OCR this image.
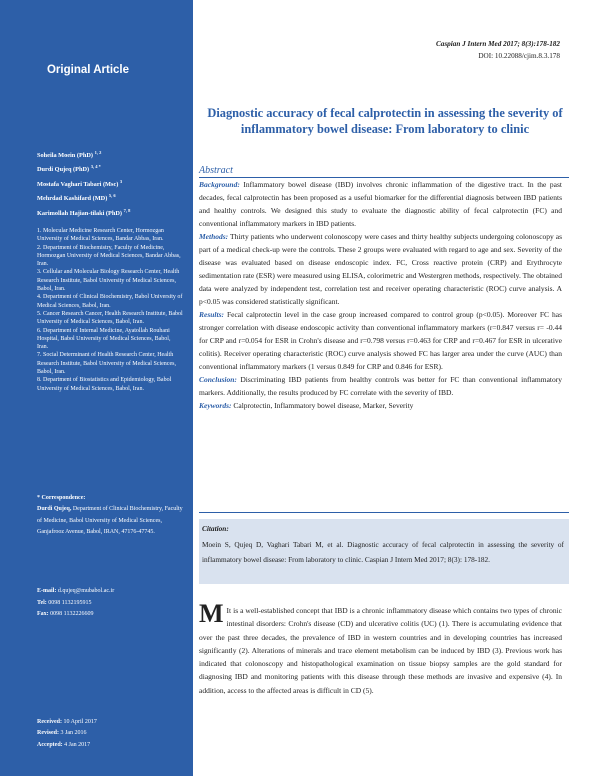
Original Article
Soheila Moein (PhD) $^{1, 2}$
Durdi Qujeq (PhD) $^{3, 4 *}$
Mostafa Vaghari Tabari (Msc) $^3$
Mehrdad Kashifard (MD) $^{5, 6}$
Karimollah Hajian-tilaki (PhD) $^{7, 8}$
1. Molecular Medicine Research Center, Hormozgan University of Medical Sciences, Bandar Abbas, Iran.
2. Department of Biochemistry, Faculty of Medicine, Hormozgan University of Medical Sciences, Bandar Abbas, Iran.
3. Cellular and Molecular Biology Research Center, Health Research Institute, Babol University of Medical Sciences, Babol, Iran.
4. Department of Clinical Biochemistry, Babol University of Medical Sciences, Babol, Iran.
5. Cancer Research Cancer, Health Research Institute, Babol University of Medical Sciences, Babol, Iran.
6. Department of Internal Medicine, Ayatollah Rouhani Hospital, Babol University of Medical Sciences, Babol, Iran.
7. Social Determinant of Health Research Center, Health Research Institute, Babol University of Medical Sciences, Babol, Iran.
8. Department of Biostatistics and Epidemiology, Babol University of Medical Sciences, Babol, Iran.
* Correspondence:
Durdi Qujeq, Department of Clinical Biochemistry, Faculty of Medicine, Babol University of Medical Sciences, Ganjafrooz Avenue, Babol, IRAN, 47176-47745.
E-mail: d.qujeq@mubabol.ac.ir
Tel: 0098 1132195915
Fax: 0098 1132226609
Received: 10 April 2017
Revised: 3 Jan 2016
Accepted: 4 Jan 2017
Caspian J Intern Med 2017; 8(3):178-182
DOI: 10.22088/cjim.8.3.178
Diagnostic accuracy of fecal calprotectin in assessing the severity of inflammatory bowel disease: From laboratory to clinic
Abstract

Background: Inflammatory bowel disease (IBD) involves chronic inflammation of the digestive tract. In the past decades, fecal calprotectin has been proposed as a useful biomarker for the differential diagnosis between IBD patients and healthy controls. We designed this study to evaluate the diagnostic ability of fecal calprotectin (FC) and conventional inflammatory markers in IBD patients.

Methods: Thirty patients who underwent colonoscopy were cases and thirty healthy subjects undergoing colonoscopy as part of a medical check-up were the controls. These 2 groups were evaluated with regard to age and sex. Severity of the disease was evaluated based on disease endoscopic index. FC, Cross reactive protein (CRP) and Erythrocyte sedimentation rate (ESR) were measured using ELISA, colorimetric and Westergren methods, respectively. The obtained data were analyzed by independent test, correlation test and receiver operating characteristic (ROC) curve analysis. A p<0.05 was considered statistically significant.

Results: Fecal calprotectin level in the case group increased compared to control group (p<0.05). Moreover FC has stronger correlation with disease endoscopic activity than conventional inflammatory markers (r=0.847 versus r= -0.44 for CRP and r=0.054 for ESR in Crohn's disease and r=0.798 versus r=0.463 for CRP and r=0.467 for ESR in ulcerative colitis). Receiver operating characteristic (ROC) curve analysis showed FC has larger area under the curve (AUC) than conventional inflammatory markers (1 versus 0.849 for CRP and 0.846 for ESR).

Conclusion: Discriminating IBD patients from healthy controls was better for FC than conventional inflammatory markers. Additionally, the results produced by FC correlate with the severity of IBD.

Keywords: Calprotectin, Inflammatory bowel disease, Marker, Severity

Citation:
Moein S, Qujeq D, Vaghari Tabari M, et al. Diagnostic accuracy of fecal calprotectin in assessing the severity of inflammatory bowel disease: From laboratory to clinic. Caspian J Intern Med 2017; 8(3): 178-182.
M It is a well-established concept that IBD is a chronic inflammatory disease which contains two types of chronic intestinal disorders: Crohn's disease (CD) and ulcerative colitis (UC) (1). There is accumulating evidence that over the past three decades, the prevalence of IBD in western countries and in developing countries has increased significantly (2). Alterations of minerals and trace element metabolism can be induced by IBD (3). Previous work has indicated that colonoscopy and histopathological examination on tissue biopsy samples are the gold standard for diagnosing IBD and monitoring patients with this disease through these methods are invasive and expensive (4). In addition, access to the affected areas is difficult in CD (5).
